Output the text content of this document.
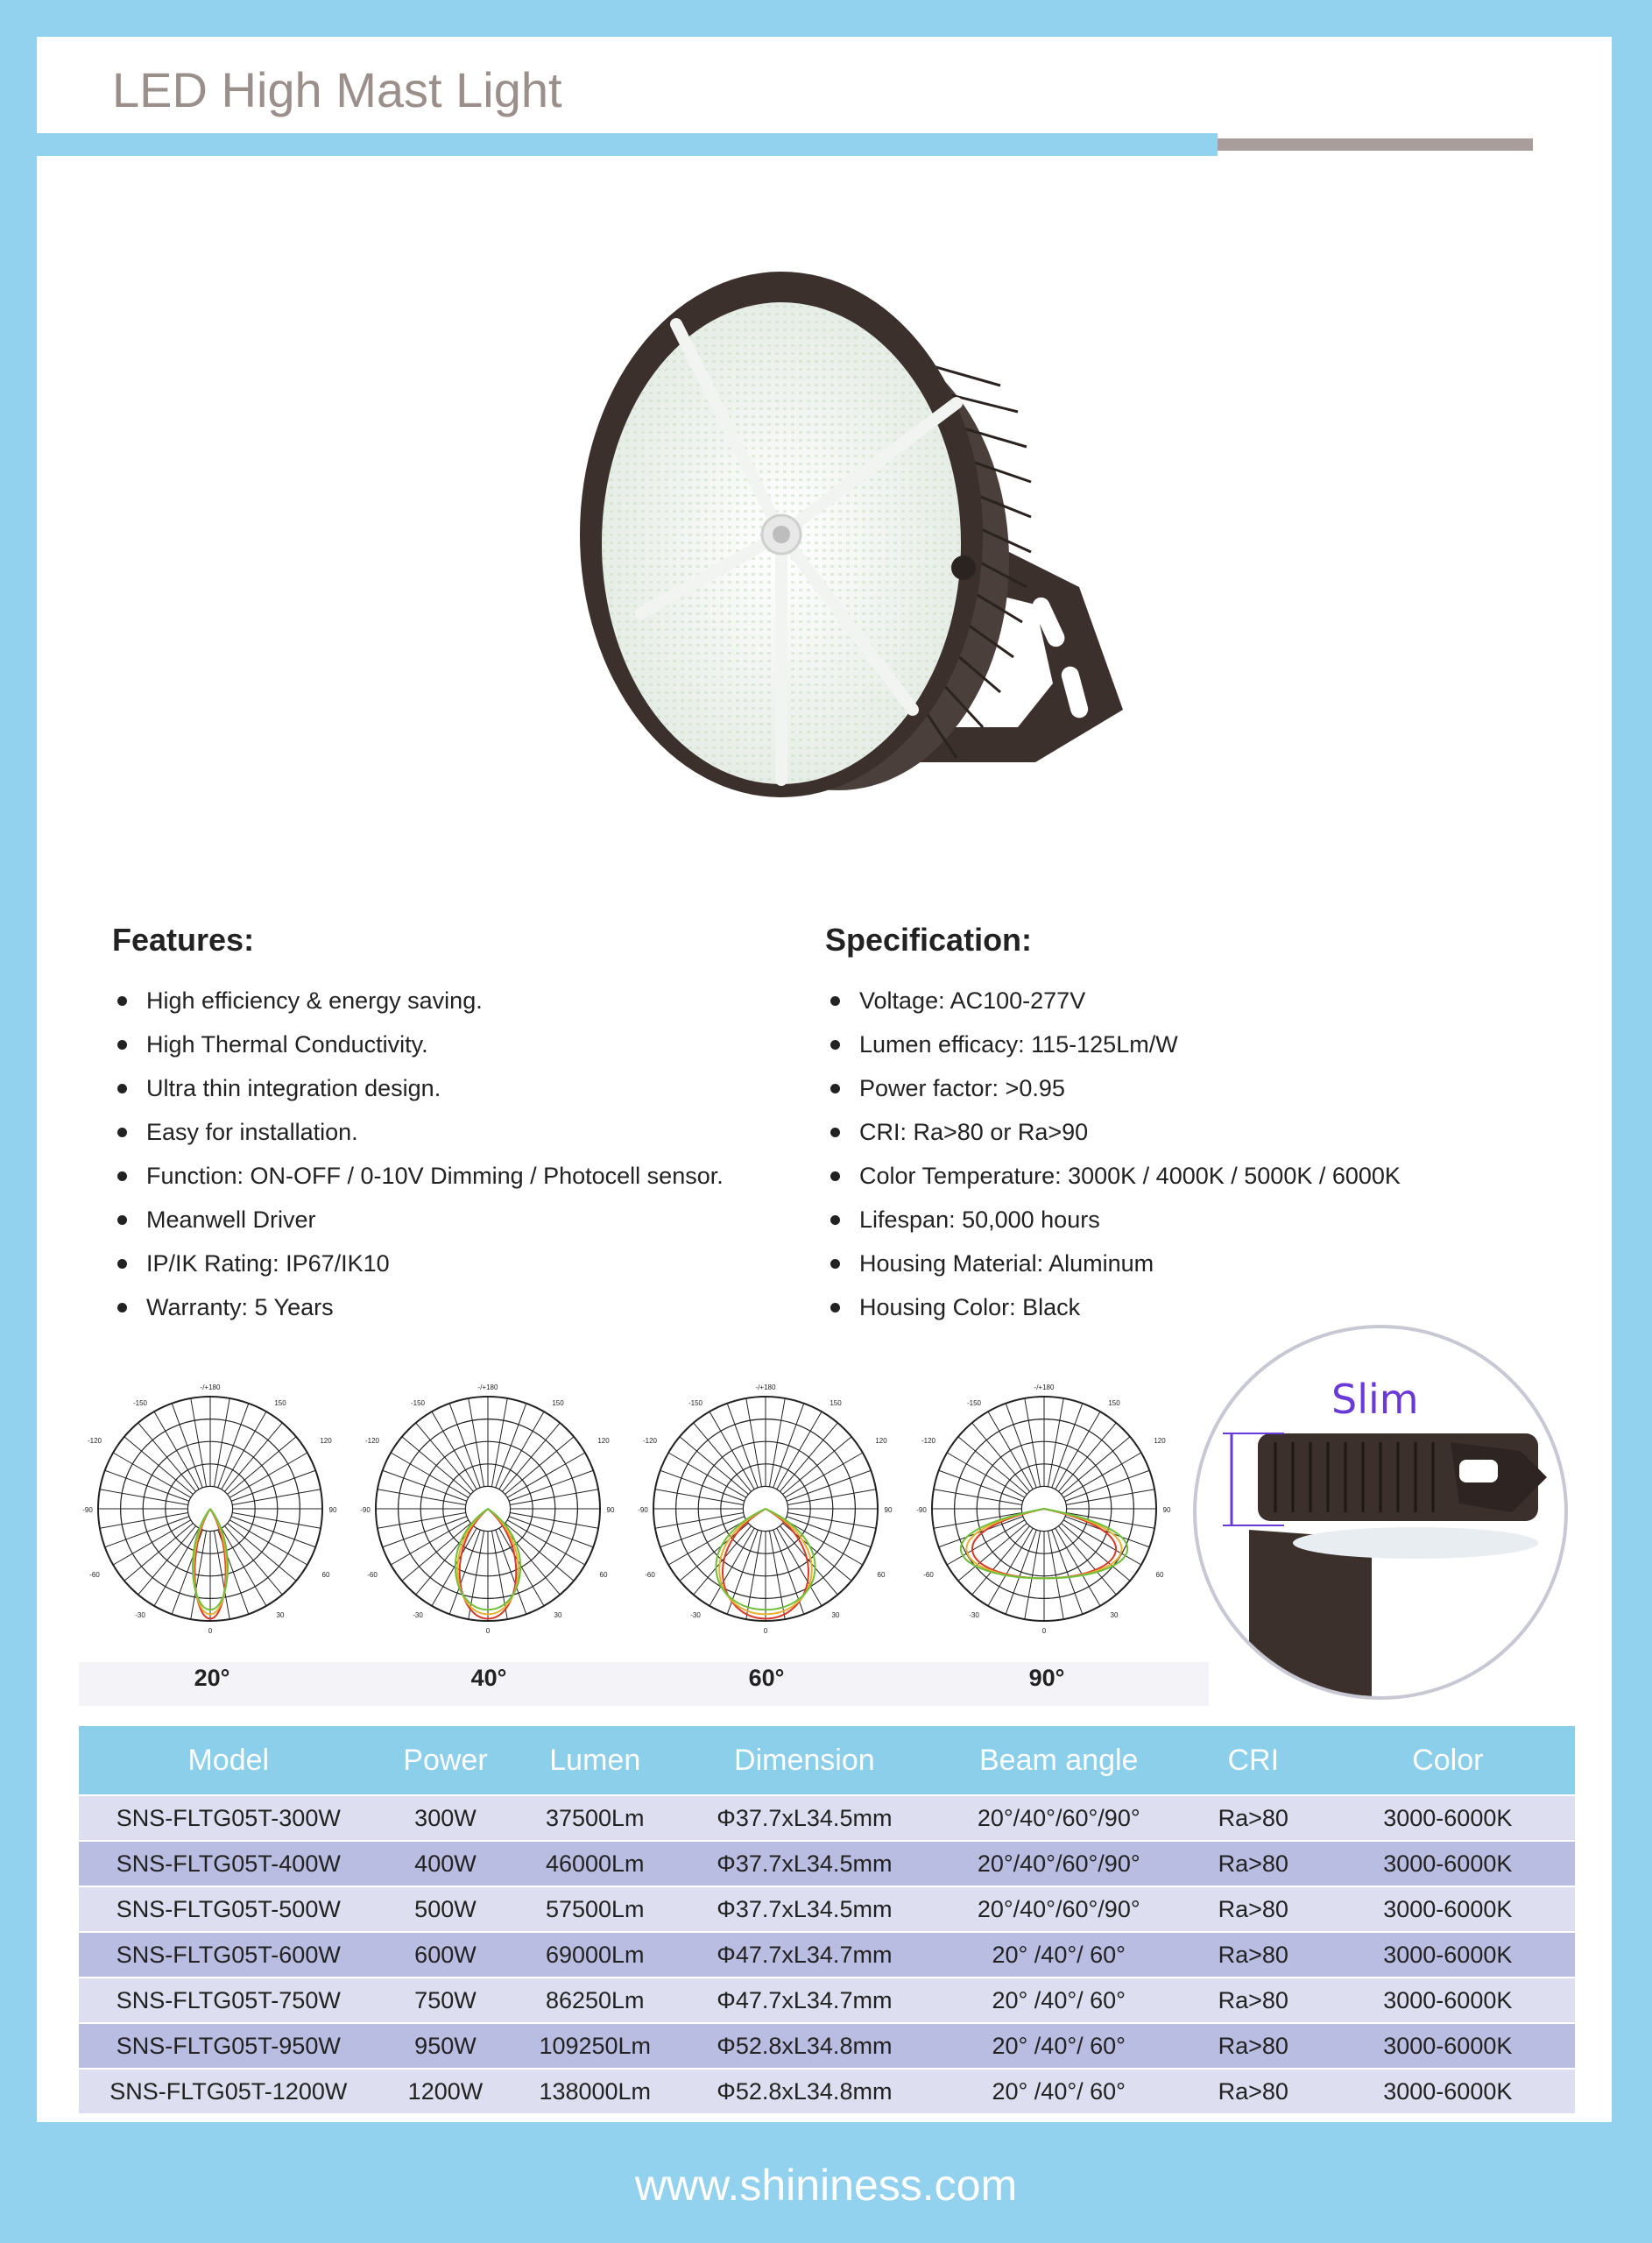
LED High Mast Light
Features:
High efficiency & energy saving.
High Thermal Conductivity.
Ultra thin integration design.
Easy for installation.
Function: ON-OFF / 0-10V Dimming / Photocell sensor.
Meanwell Driver
IP/IK Rating: IP67/IK10
Warranty: 5 Years
Specification:
Voltage: AC100-277V
Lumen efficacy: 115-125Lm/W
Power factor: >0.95
CRI: Ra>80 or Ra>90
Color Temperature: 3000K / 4000K / 5000K / 6000K
Lifespan: 50,000 hours
Housing Material: Aluminum
Housing Color: Black
-/+180
-150	150
-120	120
-90	90
-60	60
-30	30
0
-/+180
-150	150
-120	120
-90	90
-60	60
-30	30
0
-/+180
-150	150
-120	120
-90	90
-60	60
-30	30
0
-/+180
-150	150
-120	120
-90	90
-60	60
-30	30
0
20°	40°	60°	90°
Slim
Model	Power	Lumen	Dimension	Beam angle	CRI	Color
SNS-FLTG05T-300W	300W	37500Lm	Φ37.7xL34.5mm	20°/40°/60°/90°	Ra>80	3000-6000K
SNS-FLTG05T-400W	400W	46000Lm	Φ37.7xL34.5mm	20°/40°/60°/90°	Ra>80	3000-6000K
SNS-FLTG05T-500W	500W	57500Lm	Φ37.7xL34.5mm	20°/40°/60°/90°	Ra>80	3000-6000K
SNS-FLTG05T-600W	600W	69000Lm	Φ47.7xL34.7mm	20° /40°/ 60°	Ra>80	3000-6000K
SNS-FLTG05T-750W	750W	86250Lm	Φ47.7xL34.7mm	20° /40°/ 60°	Ra>80	3000-6000K
SNS-FLTG05T-950W	950W	109250Lm	Φ52.8xL34.8mm	20° /40°/ 60°	Ra>80	3000-6000K
SNS-FLTG05T-1200W	1200W	138000Lm	Φ52.8xL34.8mm	20° /40°/ 60°	Ra>80	3000-6000K
www.shininess.com
